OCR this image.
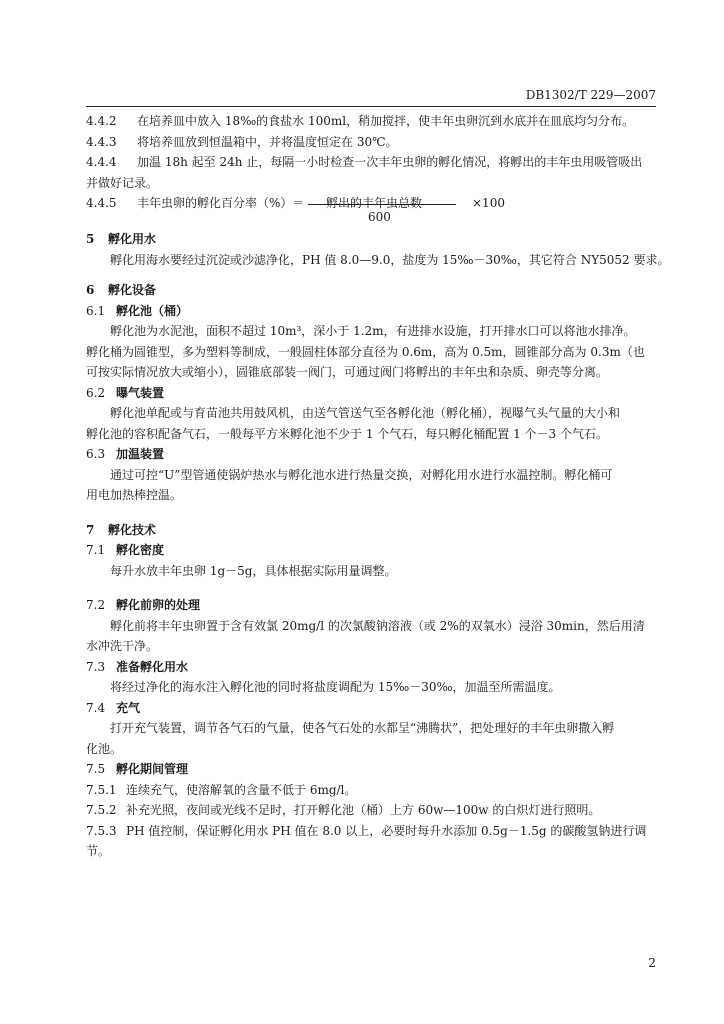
DB1302/T 229—2007
4.4.2 在培养皿中放入 18‰的食盐水 100ml，稍加搅拌，使丰年虫卵沉到水底并在皿底均匀分布。
4.4.3 将培养皿放到恒温箱中，并将温度恒定在 30℃。
4.4.4 加温 18h 起至 24h 止，每隔一小时检查一次丰年虫卵的孵化情况，将孵出的丰年虫用吸管吸出
并做好记录。
4.4.5 丰年虫卵的孵化百分率（%）＝ 孵出的丰年虫总数
600
×100
5 孵化用水
孵化用海水要经过沉淀或沙滤净化，PH 值 8.0—9.0，盐度为 15‰－30‰，其它符合 NY5052 要求。
6 孵化设备
6.1 孵化池（桶）
孵化池为水泥池，面积不超过 10m³，深小于 1.2m，有进排水设施，打开排水口可以将池水排净。
孵化桶为圆锥型，多为塑料等制成，一般圆柱体部分直径为 0.6m，高为 0.5m，圆锥部分高为 0.3m（也
可按实际情况放大或缩小），圆锥底部装一阀门，可通过阀门将孵出的丰年虫和杂质、卵壳等分离。
6.2 曝气装置
孵化池单配或与育苗池共用鼓风机，由送气管送气至各孵化池（孵化桶），视曝气头气量的大小和
孵化池的容积配备气石，一般每平方米孵化池不少于 1 个气石，每只孵化桶配置 1 个－3 个气石。
6.3 加温装置
通过可控“U”型管通使锅炉热水与孵化池水进行热量交换，对孵化用水进行水温控制。孵化桶可
用电加热棒控温。
7 孵化技术
7.1 孵化密度
每升水放丰年虫卵 1g－5g，具体根据实际用量调整。
7.2 孵化前卵的处理
孵化前将丰年虫卵置于含有效氯 20mg/l 的次氯酸钠溶液（或 2%的双氧水）浸浴 30min，然后用清
水冲洗干净。
7.3 准备孵化用水
将经过净化的海水注入孵化池的同时将盐度调配为 15‰－30‰，加温至所需温度。
7.4 充气
打开充气装置，调节各气石的气量，使各气石处的水都呈“沸腾状”，把处理好的丰年虫卵撒入孵
化池。
7.5 孵化期间管理
7.5.1 连续充气，使溶解氧的含量不低于 6mg/l。
7.5.2 补充光照，夜间或光线不足时，打开孵化池（桶）上方 60w—100w 的白炽灯进行照明。
7.5.3 PH 值控制，保证孵化用水 PH 值在 8.0 以上，必要时每升水添加 0.5g－1.5g 的碳酸氢钠进行调
节。
2
